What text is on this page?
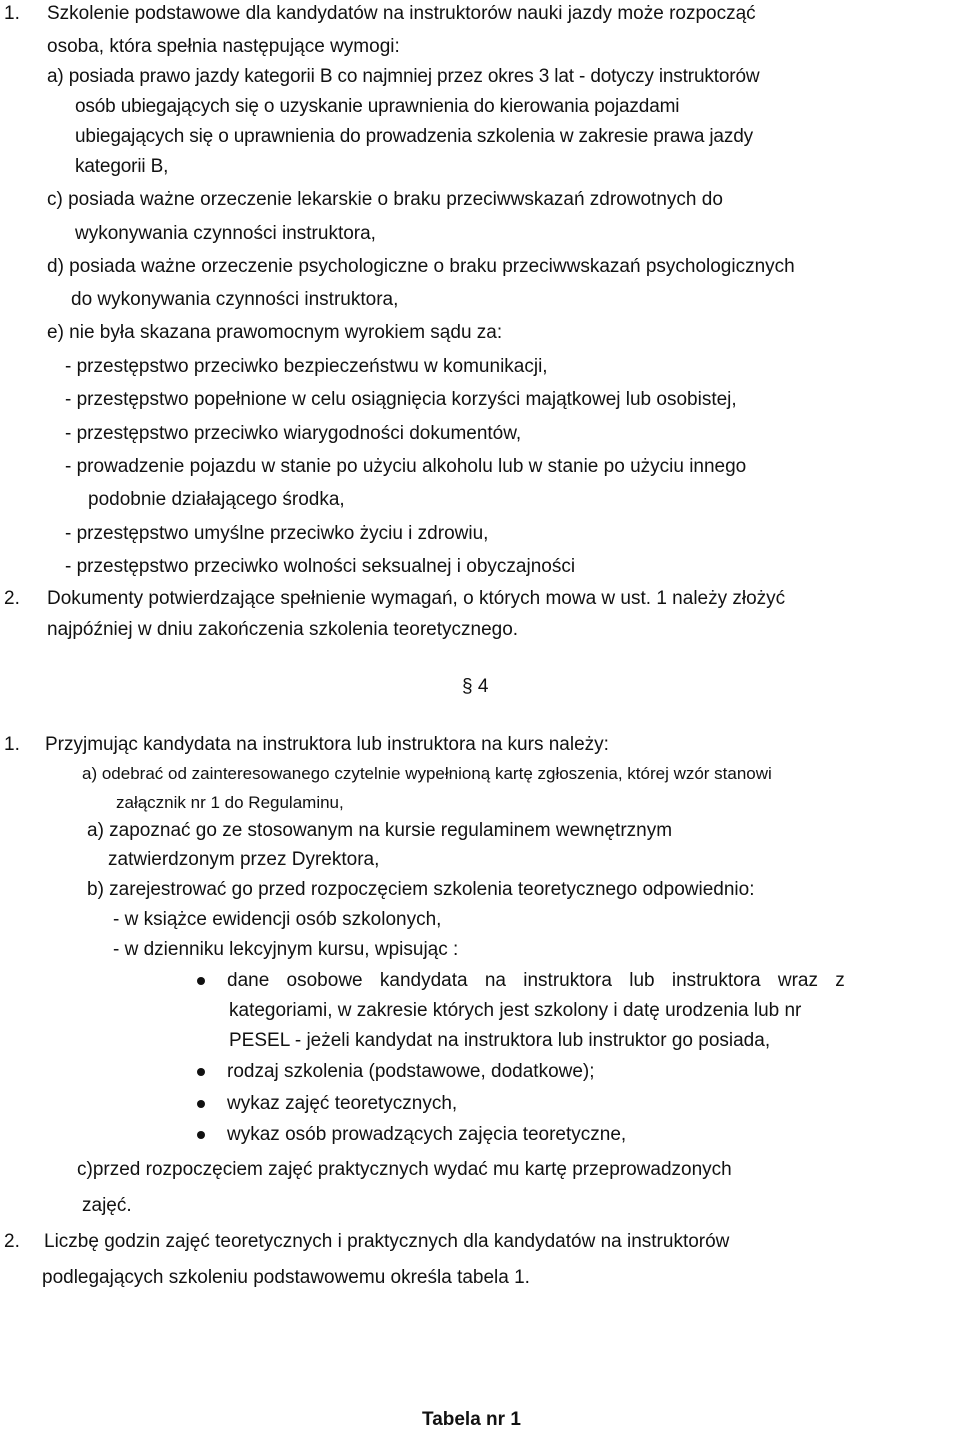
1. Szkolenie podstawowe dla kandydatów na instruktorów nauki jazdy może rozpocząć
osoba, która spełnia następujące wymogi:
a) posiada prawo jazdy kategorii B co najmniej przez okres 3 lat - dotyczy instruktorów
osób ubiegających się o uzyskanie uprawnienia do kierowania pojazdami
ubiegających się o uprawnienia do prowadzenia szkolenia w zakresie prawa jazdy
kategorii B,
c) posiada ważne orzeczenie lekarskie o braku przeciwwskazań zdrowotnych do
wykonywania czynności instruktora,
d) posiada ważne orzeczenie psychologiczne o braku przeciwwskazań psychologicznych
do wykonywania czynności instruktora,
e) nie była skazana prawomocnym wyrokiem sądu za:
- przestępstwo przeciwko bezpieczeństwu w komunikacji,
- przestępstwo popełnione w celu osiągnięcia korzyści majątkowej lub osobistej,
- przestępstwo przeciwko wiarygodności dokumentów,
- prowadzenie pojazdu w stanie po użyciu alkoholu lub w stanie po użyciu innego
podobnie działającego środka,
- przestępstwo umyślne przeciwko życiu i zdrowiu,
- przestępstwo przeciwko wolności seksualnej i obyczajności
2. Dokumenty potwierdzające spełnienie wymagań, o których mowa w ust. 1 należy złożyć
najpóźniej w dniu zakończenia szkolenia teoretycznego.
§ 4
1. Przyjmując kandydata na instruktora lub instruktora na kurs należy:
a) odebrać od zainteresowanego czytelnie wypełnioną kartę zgłoszenia, której wzór stanowi
załącznik nr 1 do Regulaminu,
a) zapoznać go ze stosowanym na kursie regulaminem wewnętrznym
zatwierdzonym przez Dyrektora,
b) zarejestrować go przed rozpoczęciem szkolenia teoretycznego odpowiednio:
- w książce ewidencji osób szkolonych,
- w dzienniku lekcyjnym kursu, wpisując :
dane osobowe kandydata na instruktora lub instruktora wraz z
kategoriami, w zakresie których jest szkolony i datę urodzenia lub nr
PESEL - jeżeli kandydat na instruktora lub instruktor go posiada,
rodzaj szkolenia (podstawowe, dodatkowe);
wykaz zajęć teoretycznych,
wykaz osób prowadzących zajęcia teoretyczne,
c)przed rozpoczęciem zajęć praktycznych wydać mu kartę przeprowadzonych
zajęć.
2. Liczbę godzin zajęć teoretycznych i praktycznych dla kandydatów na instruktorów
podlegających szkoleniu podstawowemu określa tabela 1.
Tabela nr 1
